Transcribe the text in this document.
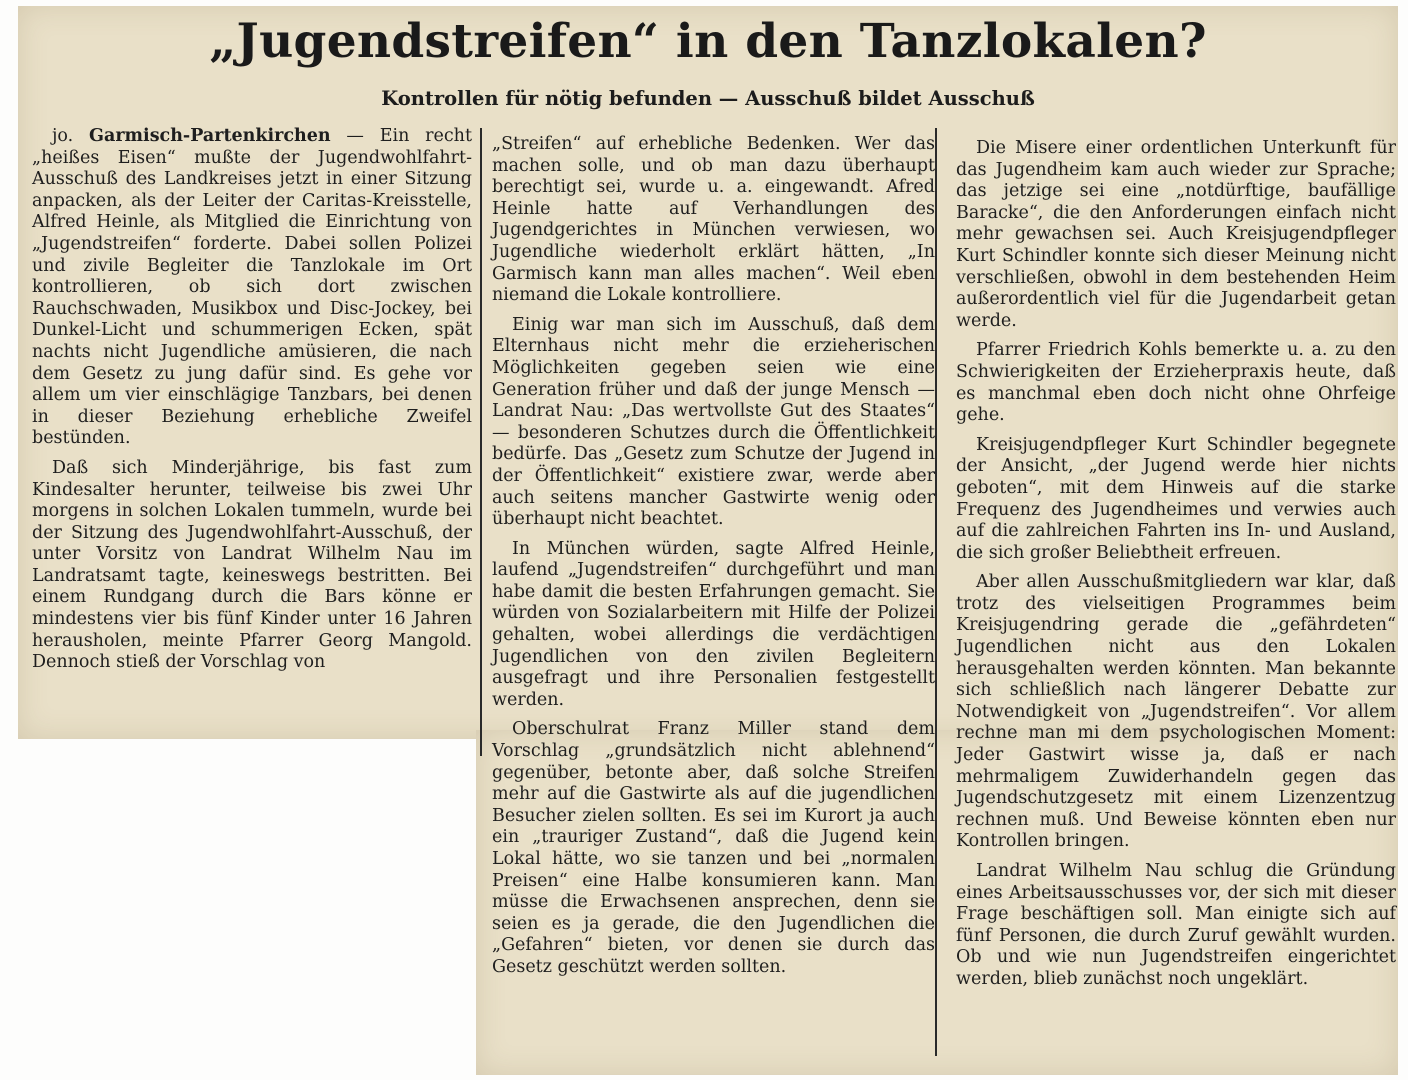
„Jugendstreifen“ in den Tanzlokalen?
Kontrollen für nötig befunden — Ausschuß bildet Ausschuß

jo. Garmisch-Partenkirchen — Ein recht „heißes Eisen“ mußte der Jugendwohlfahrt-Ausschuß des Landkreises jetzt in einer Sitzung anpacken, als der Leiter der Caritas-Kreisstelle, Alfred Heinle, als Mitglied die Einrichtung von „Jugendstreifen“ forderte. Dabei sollen Polizei und zivile Begleiter die Tanzlokale im Ort kontrollieren, ob sich dort zwischen Rauchschwaden, Musikbox und Disc-Jockey, bei Dunkel-Licht und schummerigen Ecken, spät nachts nicht Jugendliche amüsieren, die nach dem Gesetz zu jung dafür sind. Es gehe vor allem um vier einschlägige Tanzbars, bei denen in dieser Beziehung erhebliche Zweifel bestünden.

Daß sich Minderjährige, bis fast zum Kindesalter herunter, teilweise bis zwei Uhr morgens in solchen Lokalen tummeln, wurde bei der Sitzung des Jugendwohlfahrt-Ausschuß, der unter Vorsitz von Landrat Wilhelm Nau im Landratsamt tagte, keineswegs bestritten. Bei einem Rundgang durch die Bars könne er mindestens vier bis fünf Kinder unter 16 Jahren herausholen, meinte Pfarrer Georg Mangold. Dennoch stieß der Vorschlag von

„Streifen“ auf erhebliche Bedenken. Wer das machen solle, und ob man dazu überhaupt berechtigt sei, wurde u. a. eingewandt. Afred Heinle hatte auf Verhandlungen des Jugendgerichtes in München verwiesen, wo Jugendliche wiederholt erklärt hätten, „In Garmisch kann man alles machen“. Weil eben niemand die Lokale kontrolliere.

Einig war man sich im Ausschuß, daß dem Elternhaus nicht mehr die erzieherischen Möglichkeiten gegeben seien wie eine Generation früher und daß der junge Mensch — Landrat Nau: „Das wertvollste Gut des Staates“ — besonderen Schutzes durch die Öffentlichkeit bedürfe. Das „Gesetz zum Schutze der Jugend in der Öffentlichkeit“ existiere zwar, werde aber auch seitens mancher Gastwirte wenig oder überhaupt nicht beachtet.

In München würden, sagte Alfred Heinle, laufend „Jugendstreifen“ durchgeführt und man habe damit die besten Erfahrungen gemacht. Sie würden von Sozialarbeitern mit Hilfe der Polizei gehalten, wobei allerdings die verdächtigen Jugendlichen von den zivilen Begleitern ausgefragt und ihre Personalien festgestellt werden.

Oberschulrat Franz Miller stand dem Vorschlag „grundsätzlich nicht ablehnend“ gegenüber, betonte aber, daß solche Streifen mehr auf die Gastwirte als auf die jugendlichen Besucher zielen sollten. Es sei im Kurort ja auch ein „trauriger Zustand“, daß die Jugend kein Lokal hätte, wo sie tanzen und bei „normalen Preisen“ eine Halbe konsumieren kann. Man müsse die Erwachsenen ansprechen, denn sie seien es ja gerade, die den Jugendlichen die „Gefahren“ bieten, vor denen sie durch das Gesetz geschützt werden sollten.

Die Misere einer ordentlichen Unterkunft für das Jugendheim kam auch wieder zur Sprache; das jetzige sei eine „notdürftige, baufällige Baracke“, die den Anforderungen einfach nicht mehr gewachsen sei. Auch Kreisjugendpfleger Kurt Schindler konnte sich dieser Meinung nicht verschließen, obwohl in dem bestehenden Heim außerordentlich viel für die Jugendarbeit getan werde.

Pfarrer Friedrich Kohls bemerkte u. a. zu den Schwierigkeiten der Erzieherpraxis heute, daß es manchmal eben doch nicht ohne Ohrfeige gehe.

Kreisjugendpfleger Kurt Schindler begegnete der Ansicht, „der Jugend werde hier nichts geboten“, mit dem Hinweis auf die starke Frequenz des Jugendheimes und verwies auch auf die zahlreichen Fahrten ins In- und Ausland, die sich großer Beliebtheit erfreuen.

Aber allen Ausschußmitgliedern war klar, daß trotz des vielseitigen Programmes beim Kreisjugendring gerade die „gefährdeten“ Jugendlichen nicht aus den Lokalen herausgehalten werden könnten. Man bekannte sich schließlich nach längerer Debatte zur Notwendigkeit von „Jugendstreifen“. Vor allem rechne man mi dem psychologischen Moment: Jeder Gastwirt wisse ja, daß er nach mehrmaligem Zuwiderhandeln gegen das Jugendschutzgesetz mit einem Lizenzentzug rechnen muß. Und Beweise könnten eben nur Kontrollen bringen.

Landrat Wilhelm Nau schlug die Gründung eines Arbeitsausschusses vor, der sich mit dieser Frage beschäftigen soll. Man einigte sich auf fünf Personen, die durch Zuruf gewählt wurden. Ob und wie nun Jugendstreifen eingerichtet werden, blieb zunächst noch ungeklärt.
